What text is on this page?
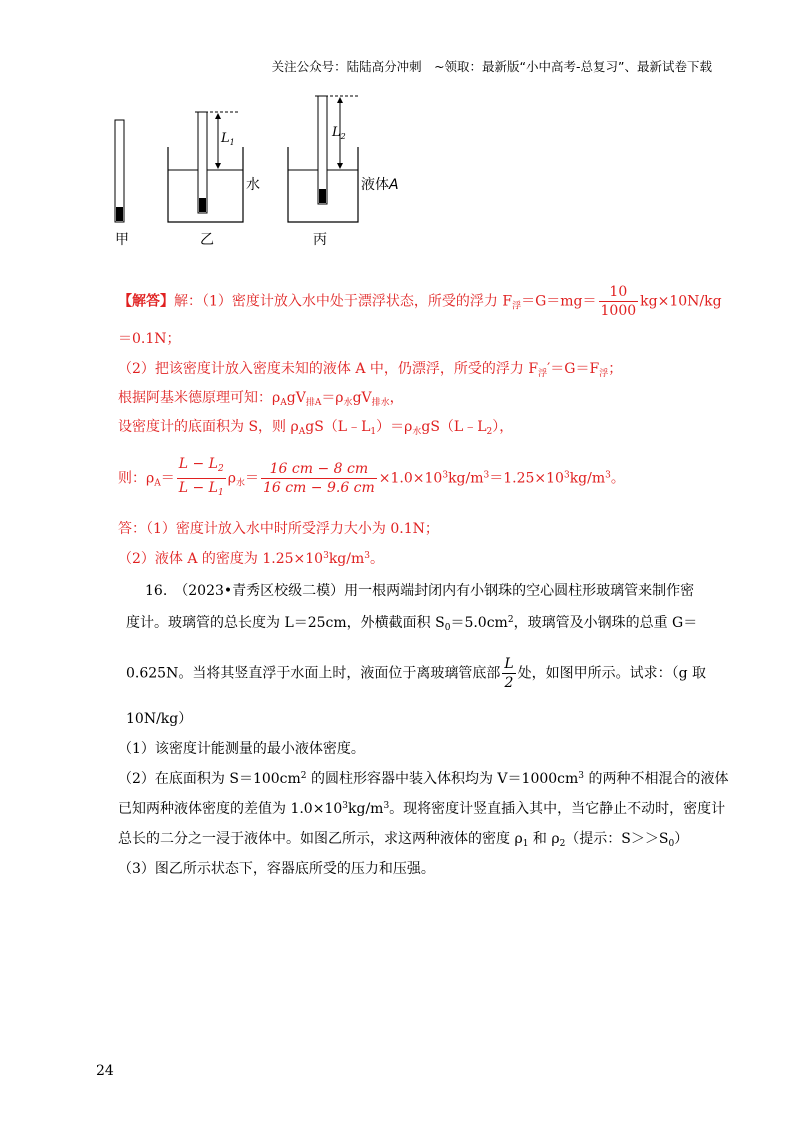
关注公众号：陆陆高分冲刺　~领取：最新版“小中高考-总复习”、最新试卷下载
甲	乙	丙
水	液体A
$L_1$
$L_2$
【解答】解：（1）密度计放入水中处于漂浮状态，所受的浮力 $F_浮=G=mg= \frac{10}{1000} kg\times 10N/kg$
＝0.1N；
（2）把该密度计放入密度未知的液体 A 中，仍漂浮，所受的浮力 $F_浮'=G=F_浮$；
根据阿基米德原理可知：$\rho_AgV_{排A}=\rho_水gV_{排水}$，
设密度计的底面积为 S，则 $\rho_AgS(L﹣L_1)=\rho_水gS(L﹣L_2)$，
则：$\rho_A= \frac{L - L_2}{L - L_1} \rho_水= \frac{16 cm - 8 cm}{16 cm - 9.6 cm} \times 1.0\times 10^3kg/m^3=1.25\times 10^3kg/m^3$。
答：（1）密度计放入水中时所受浮力大小为 0.1N；
（2）液体 A 的密度为 $1.25\times 10^3kg/m^3$。
16.　（2023•青秀区校级二模）用一根两端封闭内有小钢珠的空心圆柱形玻璃管来制作密
度计。玻璃管的总长度为 L＝25cm，外横截面积 $S_0=5.0cm^2$，玻璃管及小钢珠的总重 G＝
0.625N。当将其竖直浮于水面上时，液面位于离玻璃管底部 $\frac{L}{2}$ 处，如图甲所示。试求：（g 取
10N/kg）
（1）该密度计能测量的最小液体密度。
（2）在底面积为 $S=100cm^2$ 的圆柱形容器中装入体积均为 $V=1000cm^3$ 的两种不相混合的液体
已知两种液体密度的差值为 $1.0\times 10^3kg/m^3$。现将密度计竖直插入其中，当它静止不动时，密度计
总长的二分之一浸于液体中。如图乙所示，求这两种液体的密度 $\rho_1$ 和 $\rho_2$（提示：$S>>S_0$）
（3）图乙所示状态下，容器底所受的压力和压强。
24
